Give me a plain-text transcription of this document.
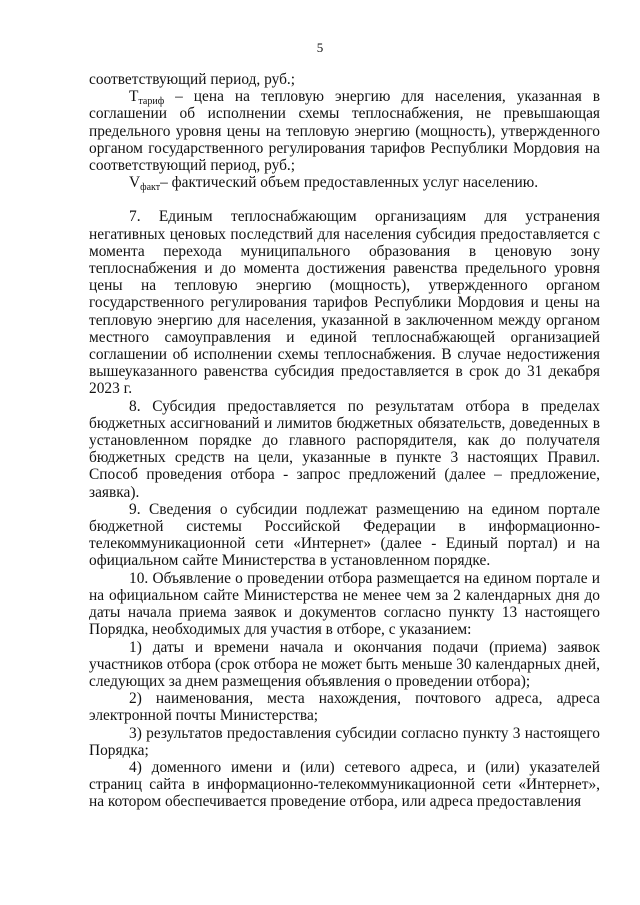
5

соответствующий период, руб.;

$Т_{тариф}$ – цена на тепловую энергию для населения, указанная в соглашении об исполнении схемы теплоснабжения, не превышающая предельного уровня цены на тепловую энергию (мощность), утвержденного органом государственного регулирования тарифов Республики Мордовия на соответствующий период, руб.;

$V_{факт}-$ фактический объем предоставленных услуг населению.

7. Единым теплоснабжающим организациям для устранения негативных ценовых последствий для населения субсидия предоставляется с момента перехода муниципального образования в ценовую зону теплоснабжения и до момента достижения равенства предельного уровня цены на тепловую энергию (мощность), утвержденного органом государственного регулирования тарифов Республики Мордовия и цены на тепловую энергию для населения, указанной в заключенном между органом местного самоуправления и единой теплоснабжающей организацией соглашении об исполнении схемы теплоснабжения. В случае недостижения вышеуказанного равенства субсидия предоставляется в срок до 31 декабря 2023 г.

8. Субсидия предоставляется по результатам отбора в пределах бюджетных ассигнований и лимитов бюджетных обязательств, доведенных в установленном порядке до главного распорядителя, как до получателя бюджетных средств на цели, указанные в пункте 3 настоящих Правил. Способ проведения отбора - запрос предложений (далее – предложение, заявка).

9. Сведения о субсидии подлежат размещению на едином портале бюджетной системы Российской Федерации в информационно-телекоммуникационной сети «Интернет» (далее - Единый портал) и на официальном сайте Министерства в установленном порядке.

10. Объявление о проведении отбора размещается на едином портале и на официальном сайте Министерства не менее чем за 2 календарных дня до даты начала приема заявок и документов согласно пункту 13 настоящего Порядка, необходимых для участия в отборе, с указанием:

1) даты и времени начала и окончания подачи (приема) заявок участников отбора (срок отбора не может быть меньше 30 календарных дней, следующих за днем размещения объявления о проведении отбора);

2) наименования, места нахождения, почтового адреса, адреса электронной почты Министерства;

3) результатов предоставления субсидии согласно пункту 3 настоящего Порядка;

4) доменного имени и (или) сетевого адреса, и (или) указателей страниц сайта в информационно-телекоммуникационной сети «Интернет», на котором обеспечивается проведение отбора, или адреса предоставления
